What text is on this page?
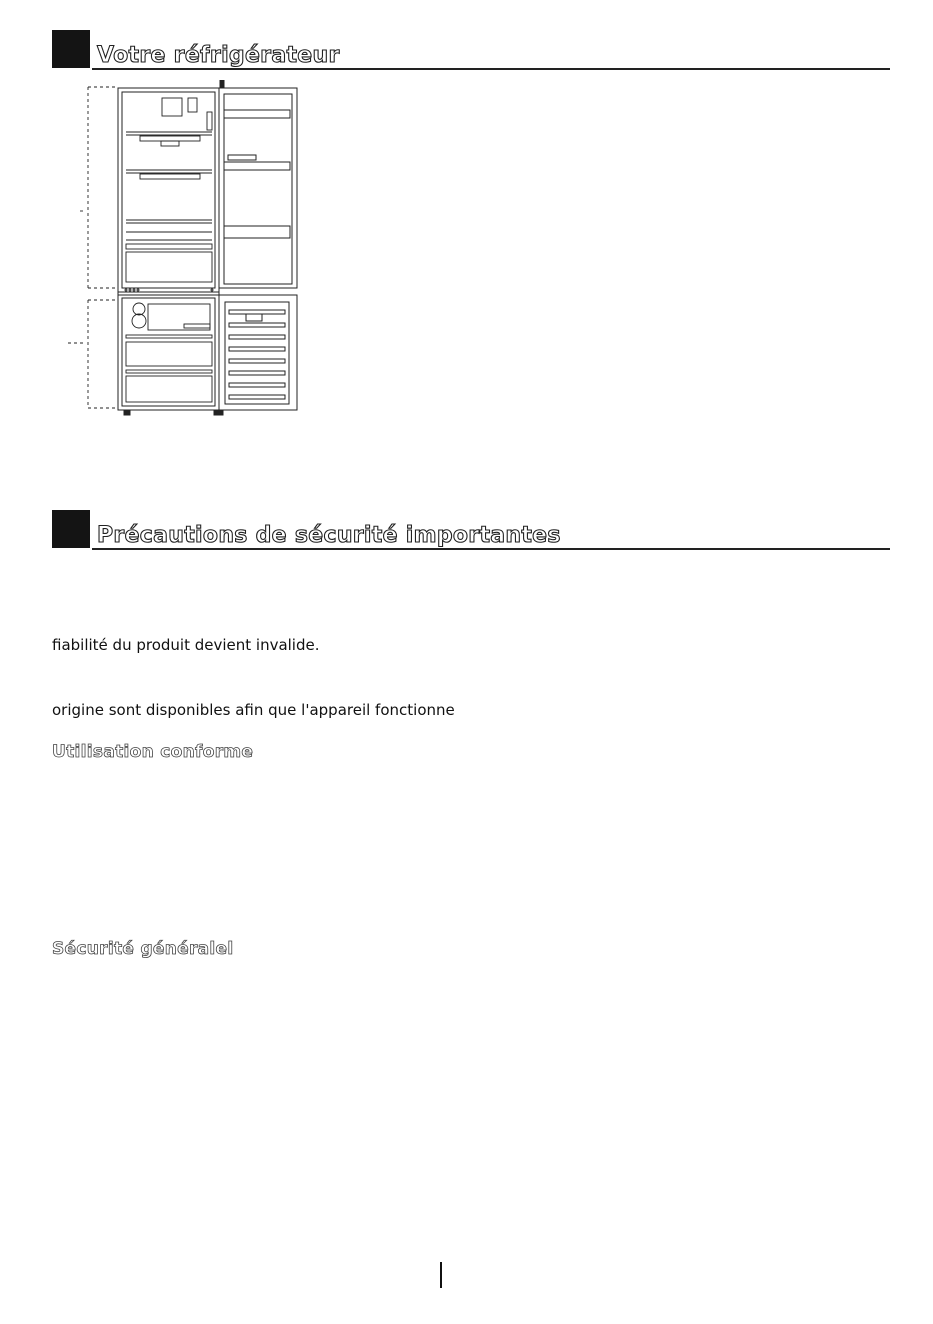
Votre réfrigérateur
Précautions de sécurité importantes
fiabilité du produit devient invalide.
origine sont disponibles afin que l'appareil fonctionne
Utilisation conforme
Sécurité généralel
